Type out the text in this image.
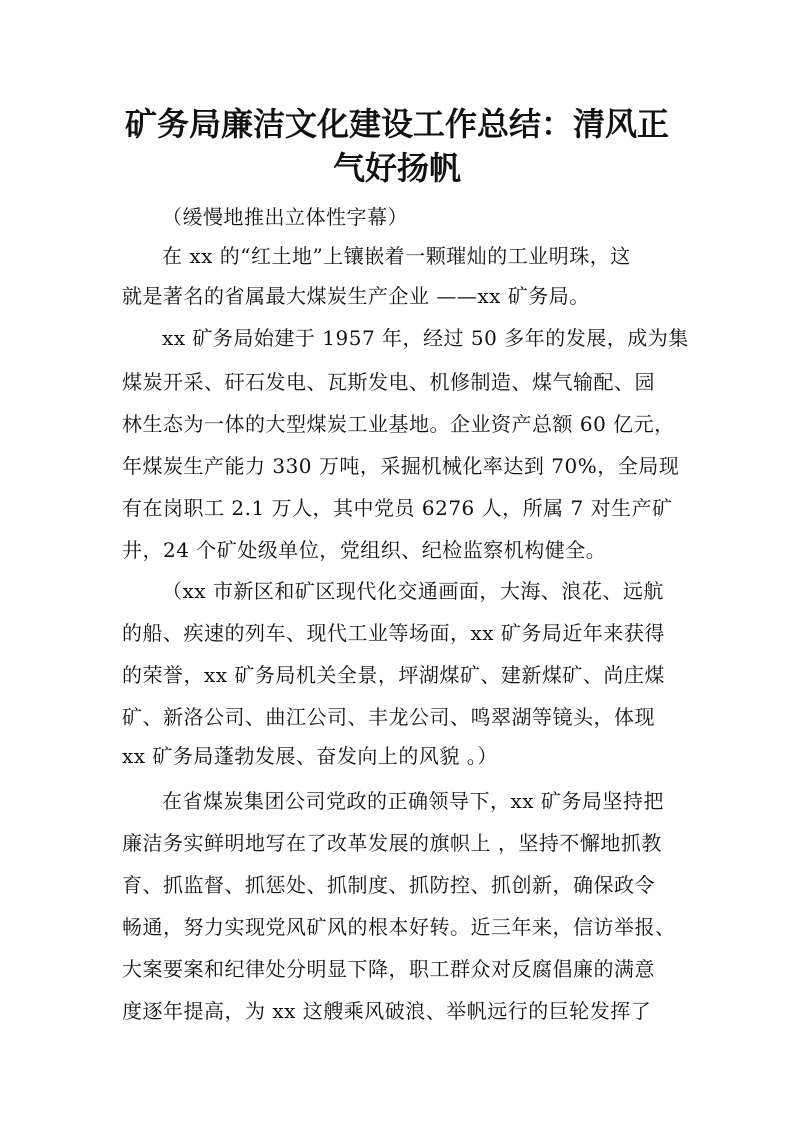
矿务局廉洁文化建设工作总结：清风正
气好扬帆
（缓慢地推出立体性字幕）
在 xx 的“红土地”上镶嵌着一颗璀灿的工业明珠，这
就是著名的省属最大煤炭生产企业 ——xx 矿务局。
xx 矿务局始建于 1957 年，经过 50 多年的发展，成为集
煤炭开采、矸石发电、瓦斯发电、机修制造、煤气输配、园
林生态为一体的大型煤炭工业基地。企业资产总额 60 亿元，
年煤炭生产能力 330 万吨，采掘机械化率达到 70%，全局现
有在岗职工 2.1 万人，其中党员 6276 人，所属 7 对生产矿
井，24 个矿处级单位，党组织、纪检监察机构健全。
（xx 市新区和矿区现代化交通画面，大海、浪花、远航
的船、疾速的列车、现代工业等场面，xx 矿务局近年来获得
的荣誉，xx 矿务局机关全景，坪湖煤矿、建新煤矿、尚庄煤
矿、新洛公司、曲江公司、丰龙公司、鸣翠湖等镜头，体现
xx 矿务局蓬勃发展、奋发向上的风貌 。）
在省煤炭集团公司党政的正确领导下，xx 矿务局坚持把
廉洁务实鲜明地写在了改革发展的旗帜上 ，坚持不懈地抓教
育、抓监督、抓惩处、抓制度、抓防控、抓创新，确保政令
畅通，努力实现党风矿风的根本好转。近三年来，信访举报、
大案要案和纪律处分明显下降，职工群众对反腐倡廉的满意
度逐年提高，为 xx 这艘乘风破浪、举帆远行的巨轮发挥了
